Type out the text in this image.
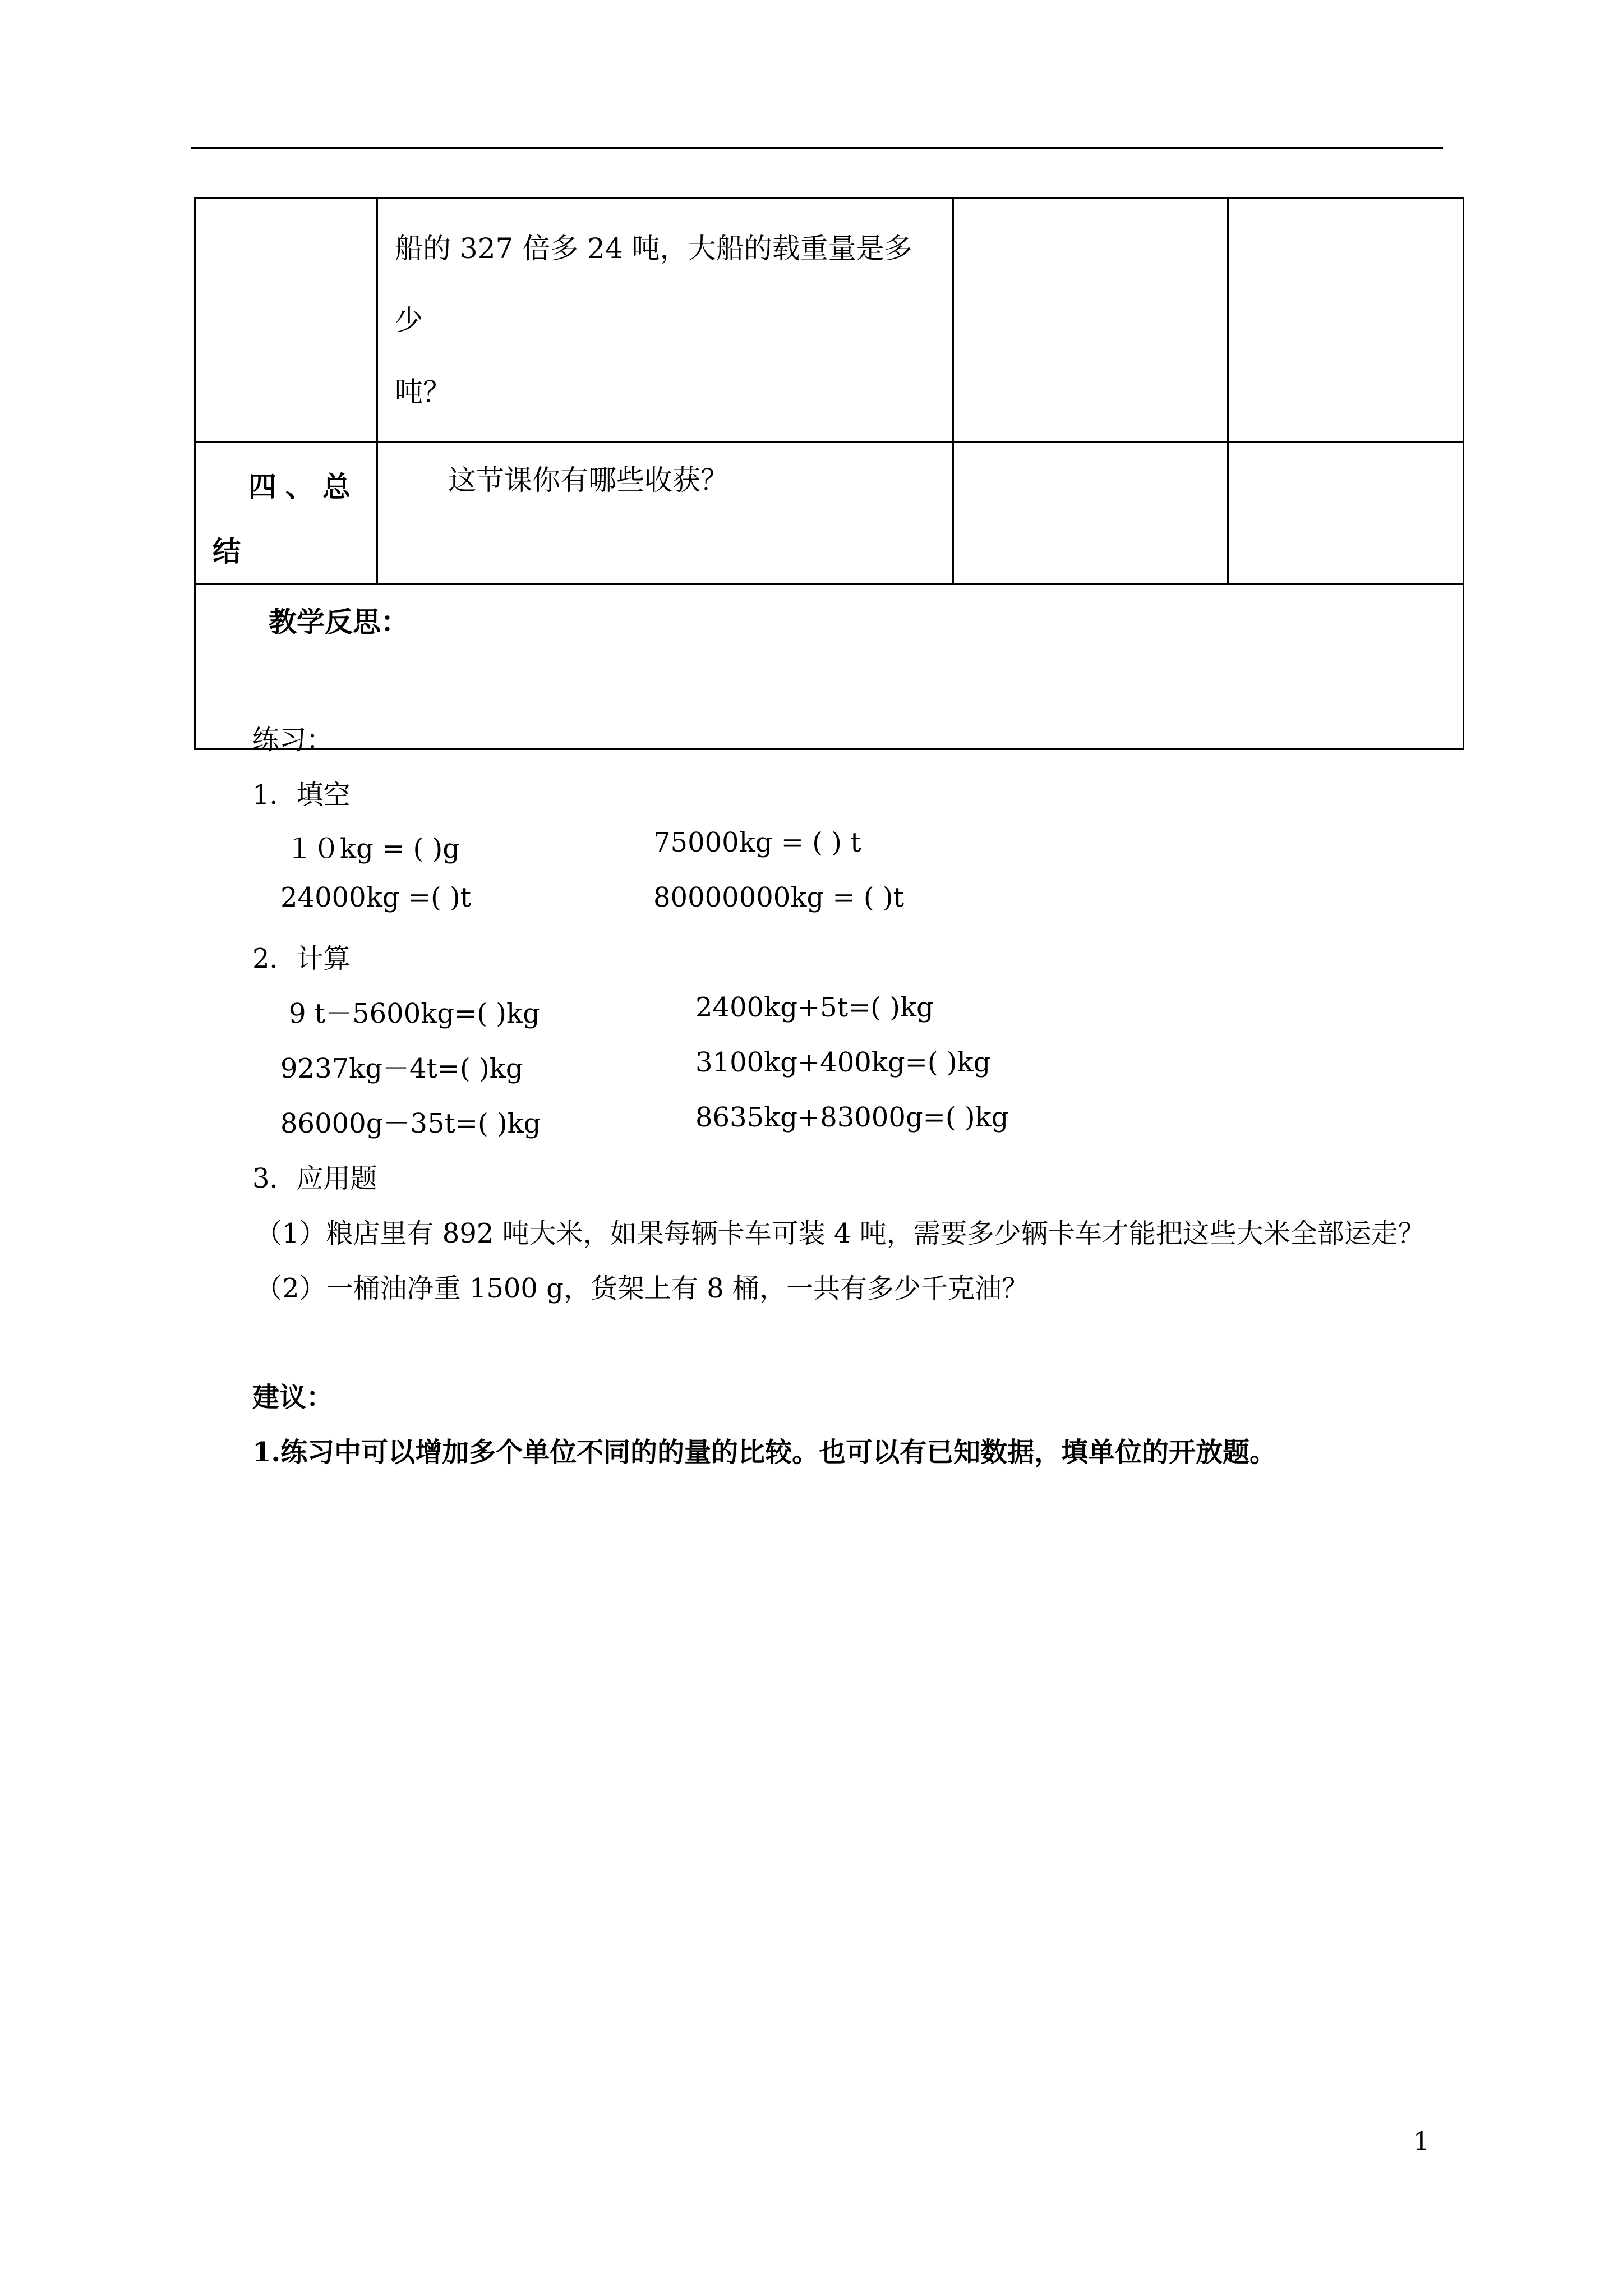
	船的 327 倍多 24 吨，大船的载重量是多少
吨？		

四、总
结	这节课你有哪些收获？		

教学反思：			
练习：
1．填空
１０kg = ( )g	75000kg = ( ) t
24000kg =( )t	80000000kg = ( )t
2．计算
9 t－5600kg=( )kg	2400kg+5t=( )kg
9237kg－4t=( )kg	3100kg+400kg=( )kg
86000g－35t=( )kg	8635kg+83000g=( )kg
3．应用题
（1）粮店里有 892 吨大米，如果每辆卡车可装 4 吨，需要多少辆卡车才能把这些大米全部运走？
（2）一桶油净重 1500 g，货架上有 8 桶，一共有多少千克油？
建议：
1.练习中可以增加多个单位不同的的量的比较。也可以有已知数据，填单位的开放题。
1
